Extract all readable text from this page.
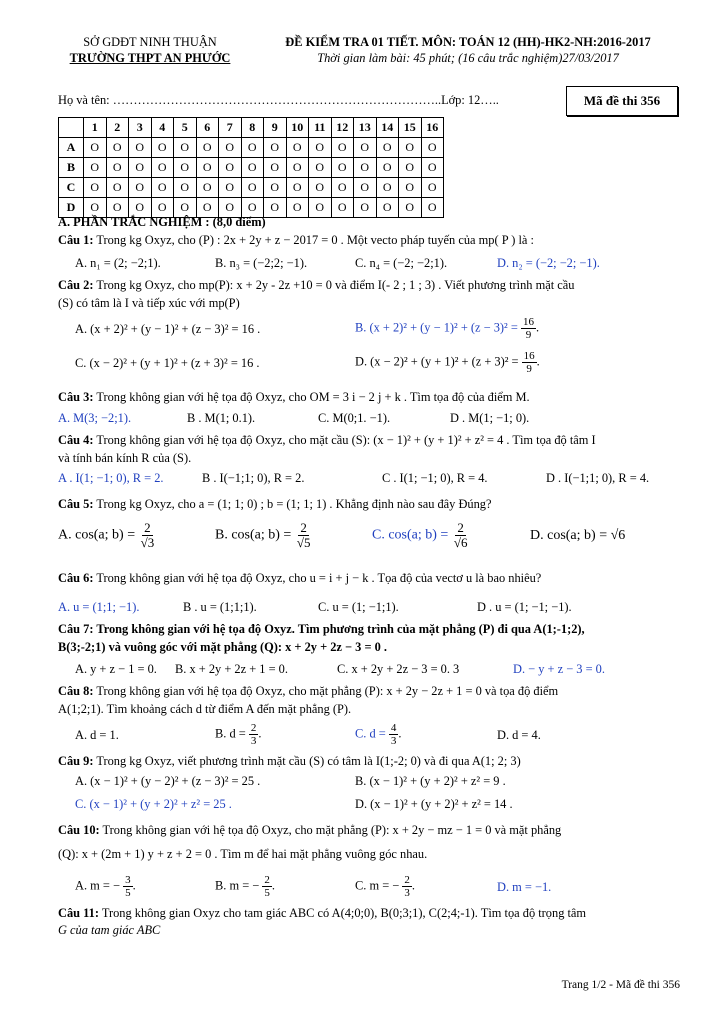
SỞ GDĐT NINH THUẬN
TRƯỜNG THPT AN PHƯỚC
ĐỀ KIỂM TRA 01 TIẾT. MÔN: TOÁN 12 (HH)-HK2-NH:2016-2017
Thời gian làm bài: 45 phút; (16 câu trắc nghiệm)27/03/2017
Họ và tên: ……………………………………………………………………..Lớp: 12…..	Mã đề thi 356
	1	2	3	4	5	6	7	8	9	10	11	12	13	14	15	16
A	O	O	O	O	O	O	O	O	O	O	O	O	O	O	O	O
B	O	O	O	O	O	O	O	O	O	O	O	O	O	O	O	O
C	O	O	O	O	O	O	O	O	O	O	O	O	O	O	O	O
D	O	O	O	O	O	O	O	O	O	O	O	O	O	O	O	O
A. PHẦN TRẮC NGHIỆM : (8,0 điểm)
Câu 1: Trong kg Oxyz, cho (P) : 2x + 2y + z − 2017 = 0 . Một vecto pháp tuyến của mp( P ) là :
A. n₁ = (2; −2;1).	B. n₃ = (−2;2; −1).	C. n₄ = (−2; −2;1).	D. n₂ = (−2; −2; −1).
Câu 2: Trong kg Oxyz, cho mp(P): x + 2y - 2z +10 = 0 và điểm I(- 2 ; 1 ; 3) . Viết phương trình mặt cầu
(S) có tâm là I và tiếp xúc với mp(P)
A. (x + 2)² + (y − 1)² + (z − 3)² = 16 .	B. $(x + 2)^2 + (y - 1)^2 + (z - 3)^2 = \frac{16}{9}$ .
C. (x − 2)² + (y + 1)² + (z + 3)² = 16 .	D. $(x - 2)^2 + (y + 1)^2 + (z + 3)^2 = \frac{16}{9}$ .
Câu 3: Trong không gian với hệ tọa độ Oxyz, cho OM = 3 i − 2 j + k . Tìm tọa độ của điểm M.
A. M(3; −2;1).	B . M(1; 0.1).	C. M(0;1. −1).	D . M(1; −1; 0).
Câu 4: Trong không gian với hệ tọa độ Oxyz, cho mặt cầu (S): (x − 1)² + (y + 1)² + z² = 4 . Tìm tọa độ tâm I
và tính bán kính R của (S).
A . I(1; −1; 0), R = 2.	B . I(−1;1; 0), R = 2.	C . I(1; −1; 0), R = 4.	D . I(−1;1; 0), R = 4.
Câu 5: Trong kg Oxyz, cho a = (1; 1; 0) ; b = (1; 1; 1) . Khẳng định nào sau đây Đúng?
A. cos(a; $b) = \frac{2}{√3}$	B. cos(a; $b) = \frac{2}{√5}$	C. cos(a; $b) = \frac{2}{√6}$	D. cos(a; b) = √6
Câu 6: Trong không gian với hệ tọa độ Oxyz, cho u = i + j − k . Tọa độ của vectơ u là bao nhiêu?
A. u = (1;1; −1).	B . u = (1;1;1).	C. u = (1; −1;1).	D . u = (1; −1; −1).
Câu 7: Trong không gian với hệ tọa độ Oxyz. Tìm phương trình của mặt phẳng (P) đi qua A(1;-1;2),
B(3;-2;1) và vuông góc với mặt phẳng (Q): x + 2y + 2z − 3 = 0 .
A. y + z − 1 = 0. B. x + 2y + 2z + 1 = 0.	C. x + 2y + 2z − 3 = 0. 3	D. − y + z − 3 = 0.
Câu 8: Trong không gian với hệ tọa độ Oxyz, cho mặt phẳng (P): x + 2y − 2z + 1 = 0 và tọa độ điểm
A(1;2;1). Tìm khoảng cách d từ điểm A đến mặt phẳng (P).
A. d = 1.	B. $d = \frac{2}{3}$ .	C. $d = \frac{4}{3}$ .	D. d = 4.
Câu 9: Trong kg Oxyz, viết phương trình mặt cầu (S) có tâm là I(1;-2; 0) và đi qua A(1; 2; 3)
A. (x − 1)² + (y − 2)² + (z − 3)² = 25 .	B. (x − 1)² + (y + 2)² + z² = 9 .
C. (x − 1)² + (y + 2)² + z² = 25 .	D. (x − 1)² + (y + 2)² + z² = 14 .
Câu 10: Trong không gian với hệ tọa độ Oxyz, cho mặt phẳng (P): x + 2y − mz − 1 = 0 và mặt phẳng
(Q): x + (2m + 1) y + z + 2 = 0 . Tìm m để hai mặt phẳng vuông góc nhau.
A. m = − $\frac{3}{5}$ .	B. m = − $\frac{2}{5}$ .	C. m = − $\frac{2}{3}$ .	D. m = −1.
Câu 11: Trong không gian Oxyz cho tam giác ABC có A(4;0;0), B(0;3;1), C(2;4;-1). Tìm tọa độ trọng tâm
G của tam giác ABC
Trang 1/2 - Mã đề thi 356
